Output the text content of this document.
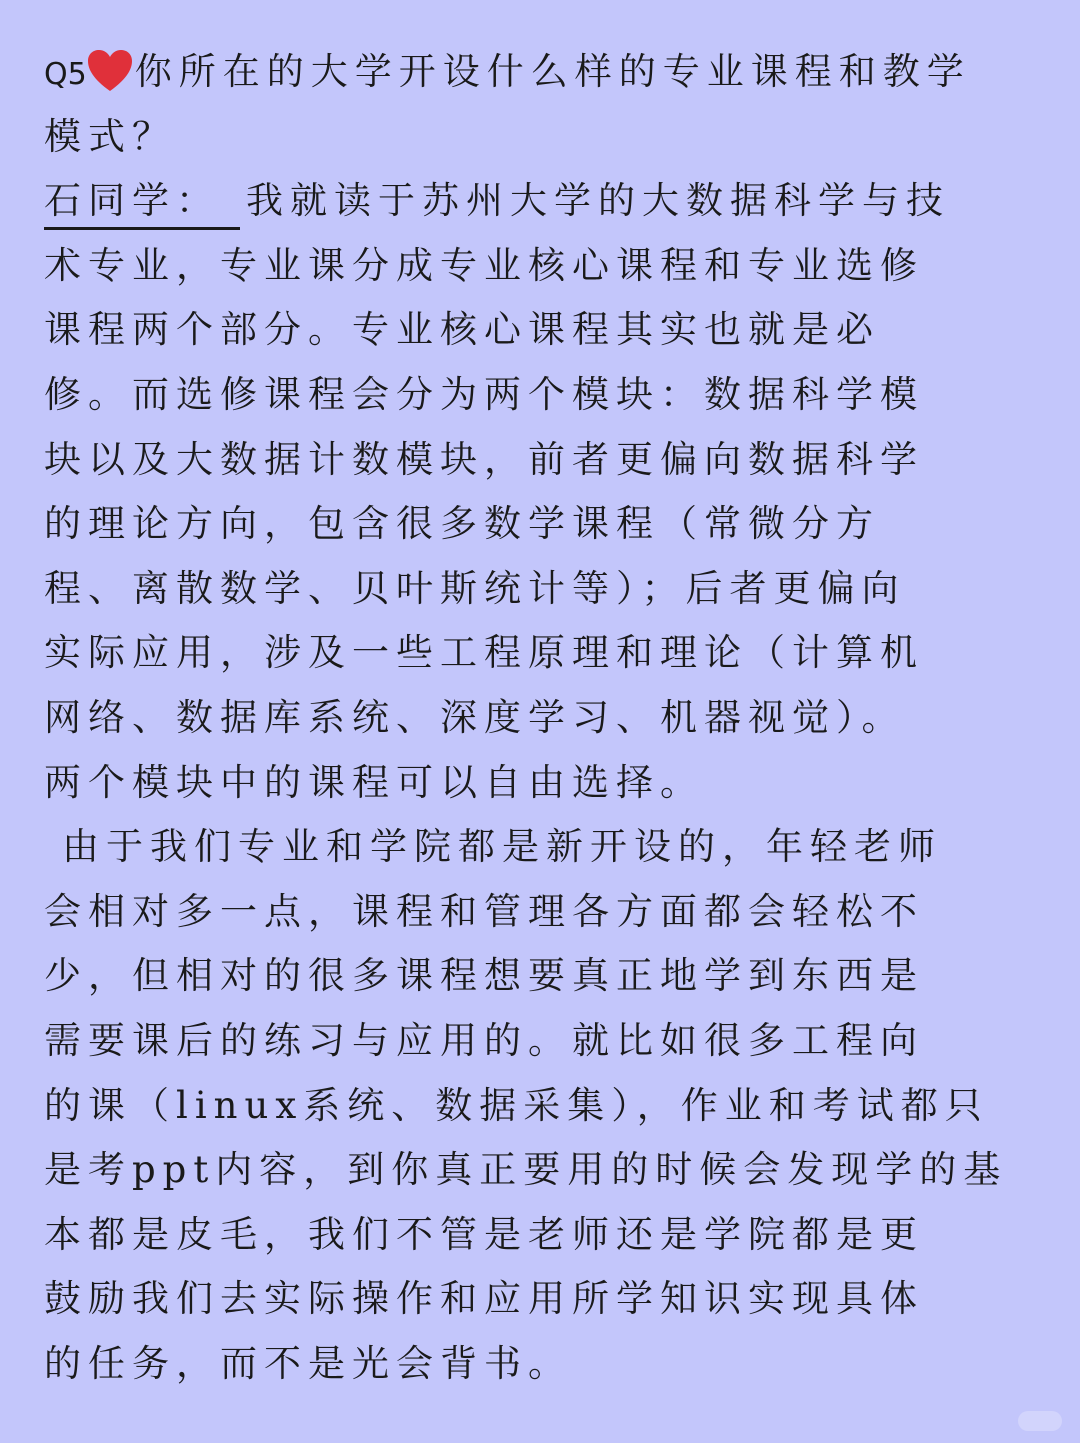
Q5 你所在的大学开设什么样的专业课程和教学
模式？
石同学： 我就读于苏州大学的大数据科学与技
术专业，专业课分成专业核心课程和专业选修
课程两个部分。专业核心课程其实也就是必
修。而选修课程会分为两个模块：数据科学模
块以及大数据计数模块，前者更偏向数据科学
的理论方向，包含很多数学课程（常微分方
程、离散数学、贝叶斯统计等）；后者更偏向
实际应用，涉及一些工程原理和理论（计算机
网络、数据库系统、深度学习、机器视觉）。
两个模块中的课程可以自由选择。
由于我们专业和学院都是新开设的，年轻老师
会相对多一点，课程和管理各方面都会轻松不
少，但相对的很多课程想要真正地学到东西是
需要课后的练习与应用的。就比如很多工程向
的课（linux系统、数据采集），作业和考试都只
是考ppt内容，到你真正要用的时候会发现学的基
本都是皮毛，我们不管是老师还是学院都是更
鼓励我们去实际操作和应用所学知识实现具体
的任务，而不是光会背书。
